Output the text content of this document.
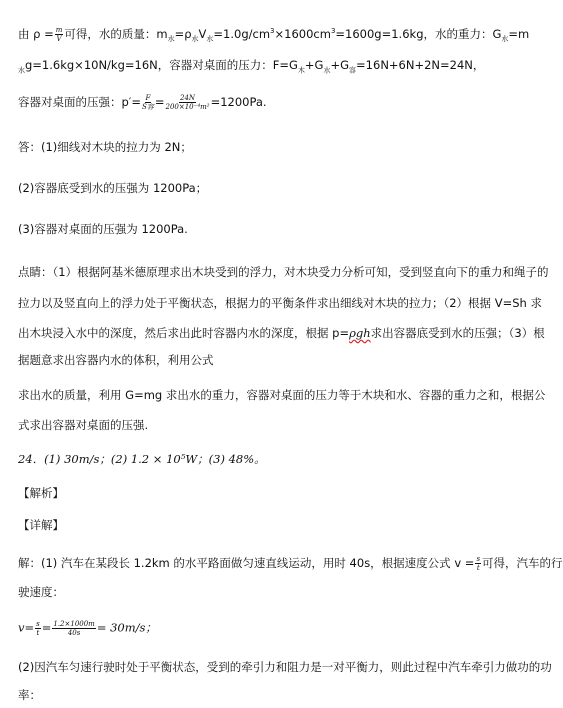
由 $\rho = \frac{m}{V}$ 可得，水的质量：$m_水=\rho_水V_水=1.0g/cm^3\times 1600cm^3=1600g=1.6kg$，水的重力：$G_水=m$
$_水$g=1.6kg×10N/kg=16N，容器对桌面的压力：$F=G_木+G_水+G_容=16N+6N+2N=24N$，
容器对桌面的压强：$p'= \frac{F}{\text{S容}} = \frac{24N}{\text{200×10⁻⁴m²}} =1200Pa$.
答：(1)细线对木块的拉力为 2N；
(2)容器底受到水的压强为 1200Pa；
(3)容器对桌面的压强为 1200Pa.
点睛：（1）根据阿基米德原理求出木块受到的浮力，对木块受力分析可知，受到竖直向下的重力和绳子的
拉力以及竖直向上的浮力处于平衡状态，根据力的平衡条件求出细线对木块的拉力；（2）根据 V=Sh 求
出木块浸入水中的深度，然后求出此时容器内水的深度，根据 p=ρgh求出容器底受到水的压强；（3）根
据题意求出容器内水的体积，利用公式
求出水的质量，利用 G=mg 求出水的重力，容器对桌面的压力等于木块和水、容器的重力之和，根据公
式求出容器对桌面的压强.
24．(1) 30m/s；(2) 1.2 × 10⁵W；(3) 48%。
【解析】
【详解】
解：(1) 汽车在某段长 1.2km 的水平路面做匀速直线运动，用时 40s，根据速度公式 $v = \frac{s}{t}$ 可得，汽车的行
驶速度：
$v= \frac{s}{t} = \frac{1.2\times 1000m}{40s} = 30m/s$；
(2)因汽车匀速行驶时处于平衡状态，受到的牵引力和阻力是一对平衡力，则此过程中汽车牵引力做功的功
率：
